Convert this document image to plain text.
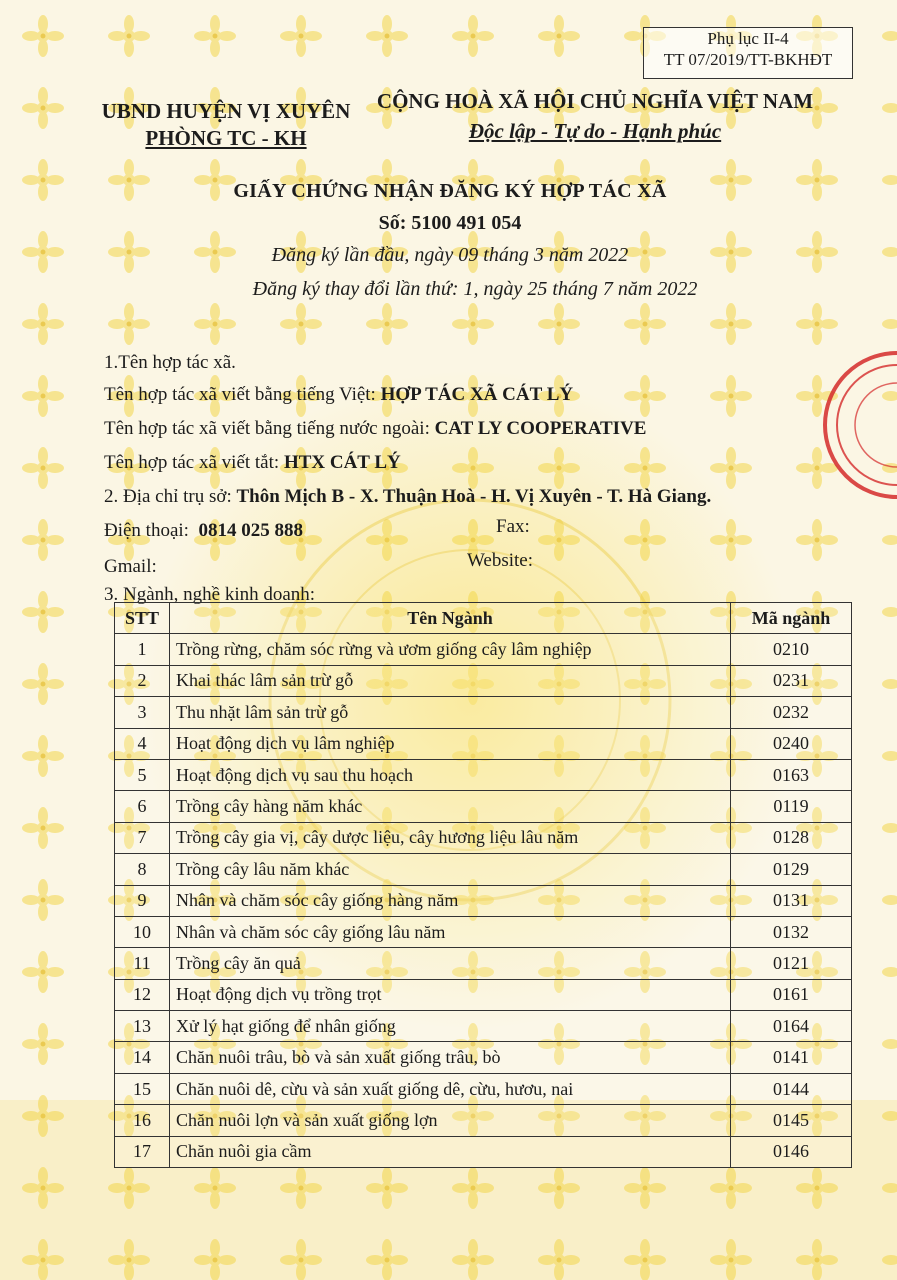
Phụ lục II-4
TT 07/2019/TT-BKHĐT
UBND HUYỆN VỊ XUYÊN
PHÒNG TC - KH
CỘNG HOÀ XÃ HỘI CHỦ NGHĨA VIỆT NAM
Độc lập - Tự do - Hạnh phúc
GIẤY CHỨNG NHẬN ĐĂNG KÝ HỢP TÁC XÃ
Số: 5100 491 054
Đăng ký lần đầu, ngày 09 tháng 3 năm 2022
Đăng ký thay đổi lần thứ: 1, ngày 25 tháng 7 năm 2022
1.Tên hợp tác xã.
Tên hợp tác xã viết bằng tiếng Việt: HỢP TÁC XÃ CÁT LÝ
Tên hợp tác xã viết bằng tiếng nước ngoài: CAT LY COOPERATIVE
Tên hợp tác xã viết tắt: HTX CÁT LÝ
2. Địa chỉ trụ sở: Thôn Mịch B - X. Thuận Hoà - H. Vị Xuyên - T. Hà Giang.
Điện thoại: 0814 025 888	Fax:
Gmail:	Website:
3. Ngành, nghề kinh doanh:
STT	Tên Ngành	Mã ngành
1	Trồng rừng, chăm sóc rừng và ươm giống cây lâm nghiệp	0210
2	Khai thác lâm sản trừ gỗ	0231
3	Thu nhặt lâm sản trừ gỗ	0232
4	Hoạt động dịch vụ lâm nghiệp	0240
5	Hoạt động dịch vụ sau thu hoạch	0163
6	Trồng cây hàng năm khác	0119
7	Trồng cây gia vị, cây dược liệu, cây hương liệu lâu năm	0128
8	Trồng cây lâu năm khác	0129
9	Nhân và chăm sóc cây giống hàng năm	0131
10	Nhân và chăm sóc cây giống lâu năm	0132
11	Trồng cây ăn quả	0121
12	Hoạt động dịch vụ trồng trọt	0161
13	Xử lý hạt giống để nhân giống	0164
14	Chăn nuôi trâu, bò và sản xuất giống trâu, bò	0141
15	Chăn nuôi dê, cừu và sản xuất giống dê, cừu, hươu, nai	0144
16	Chăn nuôi lợn và sản xuất giống lợn	0145
17	Chăn nuôi gia cầm	0146
